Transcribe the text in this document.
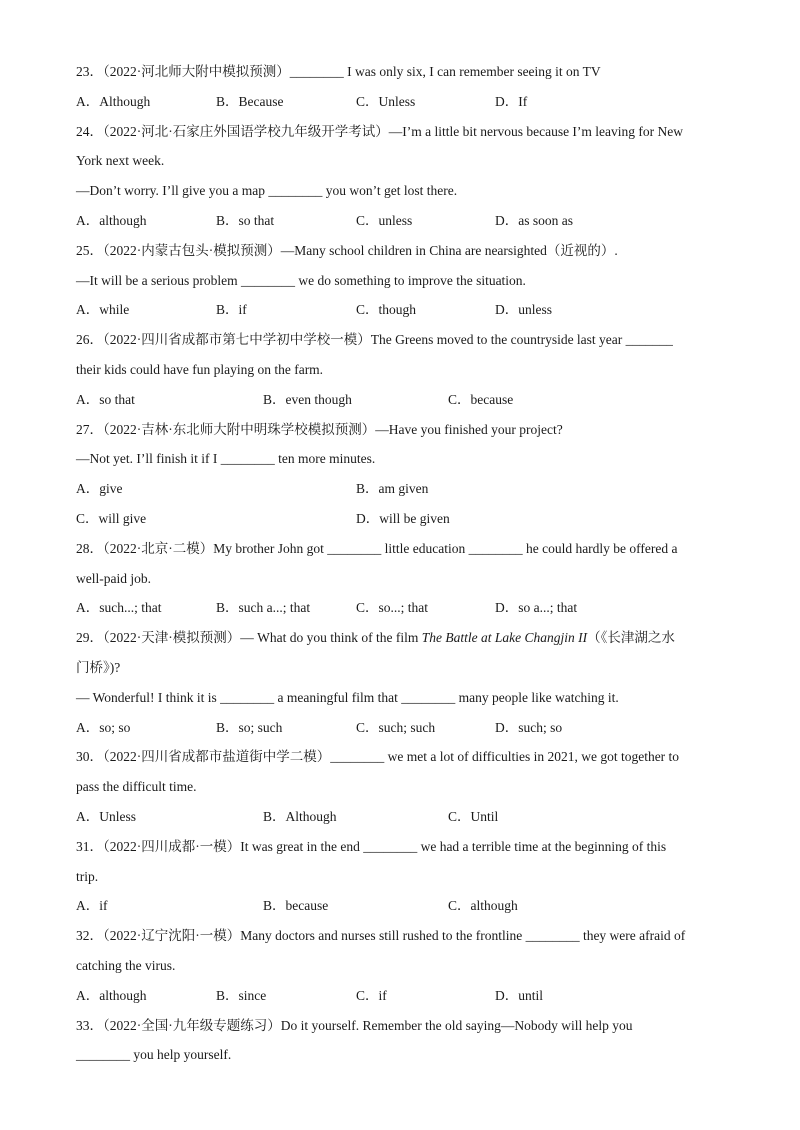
23．（2022·河北师大附中模拟预测）________ I was only six, I can remember seeing it on TV
A．Although	B．Because	C．Unless	D．If
24．（2022·河北·石家庄外国语学校九年级开学考试）—I’m a little bit nervous because I’m leaving for New
York next week.
—Don’t worry. I’ll give you a map ________ you won’t get lost there.
A．although	B．so that	C．unless	D．as soon as
25．（2022·内蒙古包头·模拟预测）—Many school children in China are nearsighted（近视的）.
—It will be a serious problem ________ we do something to improve the situation.
A．while	B．if	C．though	D．unless
26．（2022·四川省成都市第七中学初中学校一模）The Greens moved to the countryside last year _______
their kids could have fun playing on the farm.
A．so that	B．even though	C．because
27．（2022·吉林·东北师大附中明珠学校模拟预测）—Have you finished your project?
—Not yet. I’ll finish it if I ________ ten more minutes.
A．give	B．am given
C．will give	D．will be given
28．（2022·北京·二模）My brother John got ________ little education ________ he could hardly be offered a
well-paid job.
A．such...; that	B．such a...; that	C．so...; that	D．so a...; that
29．（2022·天津·模拟预测）— What do you think of the film The Battle at Lake Changjin II（《长津湖之水
门桥》)?
— Wonderful! I think it is ________ a meaningful film that ________ many people like watching it.
A．so; so	B．so; such	C．such; such	D．such; so
30．（2022·四川省成都市盐道街中学二模）________ we met a lot of difficulties in 2021, we got together to
pass the difficult time.
A．Unless	B．Although	C．Until
31．（2022·四川成都·一模）It was great in the end ________ we had a terrible time at the beginning of this
trip.
A．if	B．because	C．although
32．（2022·辽宁沈阳·一模）Many doctors and nurses still rushed to the frontline ________ they were afraid of
catching the virus.
A．although	B．since	C．if	D．until
33．（2022·全国·九年级专题练习）Do it yourself. Remember the old saying—Nobody will help you
________ you help yourself.
